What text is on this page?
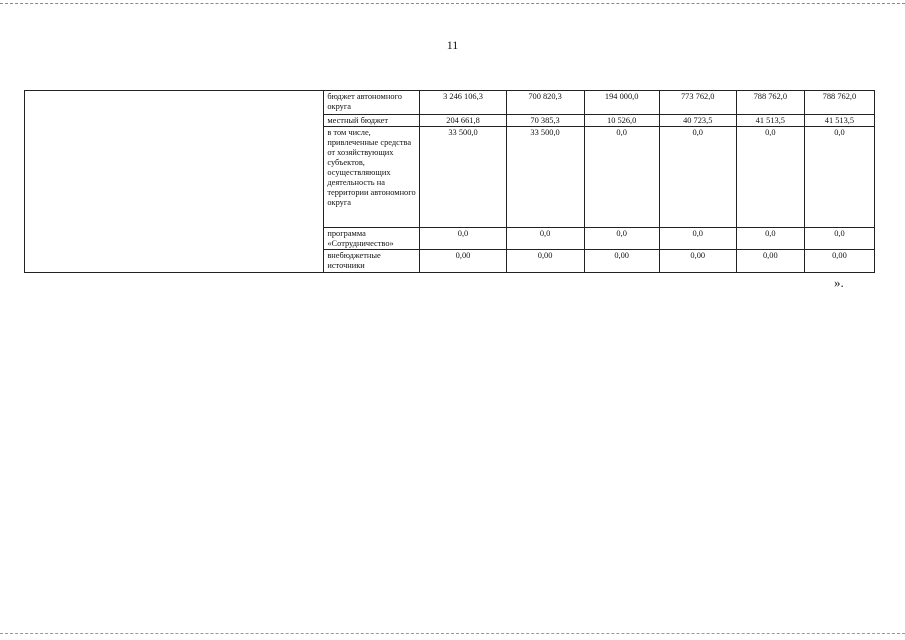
11
	бюджет автономного округа	3 246 106,3	700 820,3	194 000,0	773 762,0	788 762,0	788 762,0
	местный бюджет	204 661,8	70 385,3	10 526,0	40 723,5	41 513,5	41 513,5
	в том числе, привлеченные средства от хозяйствующих субъектов, осуществляющих деятельность на территории автономного округа	33 500,0	33 500,0	0,0	0,0	0,0	0,0
	программа «Сотрудничество»	0,0	0,0	0,0	0,0	0,0	0,0
	внебюджетные источники	0,00	0,00	0,00	0,00	0,00	0,00
».
